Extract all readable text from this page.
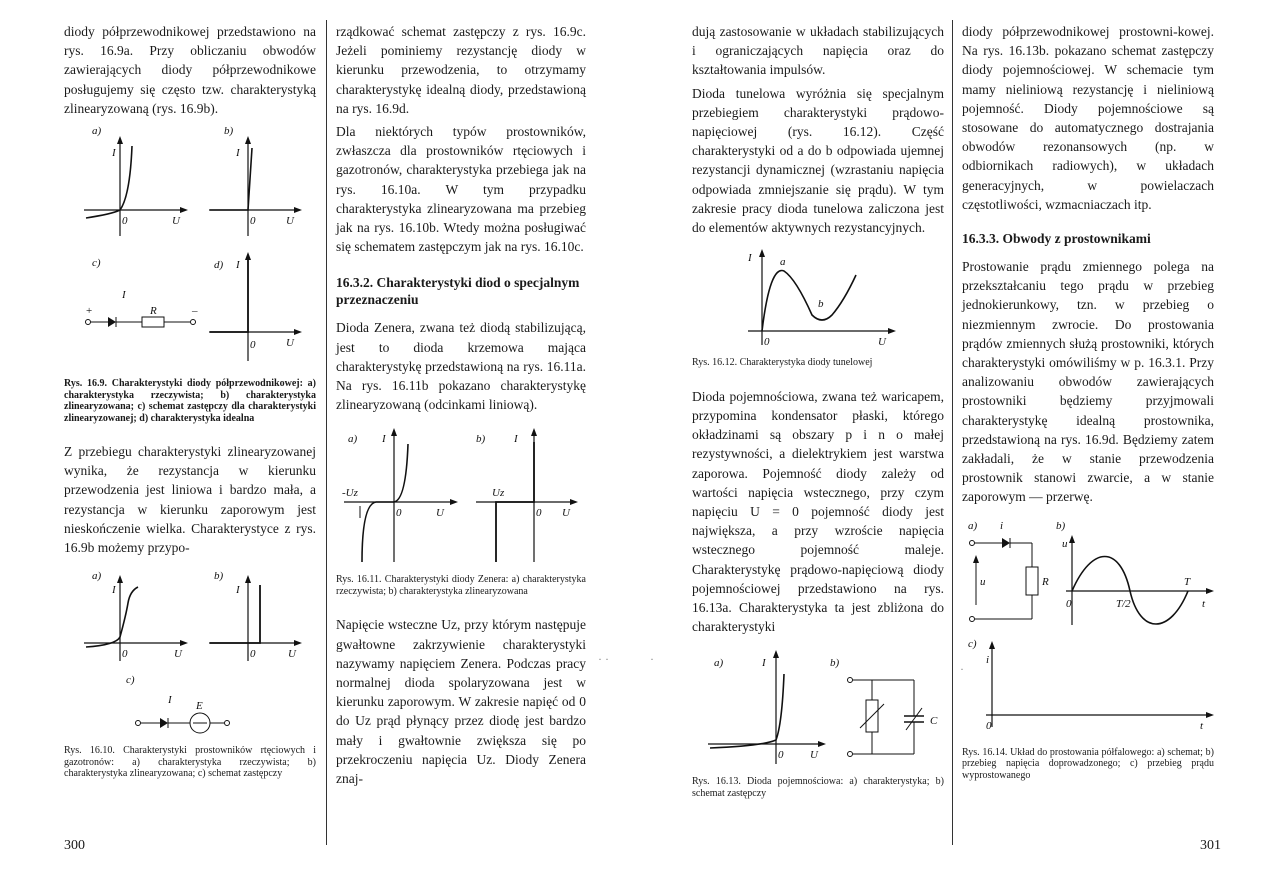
diody półprzewodnikowej przedstawiono na rys. 16.9a. Przy obliczaniu obwodów zawierających diody półprzewodnikowe posługujemy się często tzw. charakterystyką zlinearyzowaną (rys. 16.9b).

a)
I
0	U
b)
I
0	U
c)
I
+	–
R
d) I
0	U

Rys. 16.9. Charakterystyki diody półprzewodnikowej: a) charakterystyka rzeczywista; b) charakterystyka zlinearyzowana; c) schemat zastępczy dla charakterystyki zlinearyzowanej; d) charakterystyka idealna

Z przebiegu charakterystyki zlinearyzowanej wynika, że rezystancja w kierunku przewodzenia jest liniowa i bardzo mała, a rezystancja w kierunku zaporowym jest nieskończenie wielka. Charakterystyce z rys. 16.9b możemy przypo-

a)
I
0	U
b)
I
0	U
c)
I E

Rys. 16.10. Charakterystyki prostowników rtęciowych i gazotronów: a) charakterystyka rzeczywista; b) charakterystyka zlinearyzowana; c) schemat zastępczy

rządkować schemat zastępczy z rys. 16.9c. Jeżeli pominiemy rezystancję diody w kierunku przewodzenia, to otrzymamy charakterystykę idealną diody, przedstawioną na rys. 16.9d.

Dla niektórych typów prostowników, zwłaszcza dla prostowników rtęciowych i gazotronów, charakterystyka przebiega jak na rys. 16.10a. W tym przypadku charakterystyka zlinearyzowana ma przebieg jak na rys. 16.10b. Wtedy można posługiwać się schematem zastępczym jak na rys. 16.10c.

16.3.2. Charakterystyki diod o specjalnym przeznaczeniu

Dioda Zenera, zwana też diodą stabilizującą, jest to dioda krzemowa mająca charakterystykę przedstawioną na rys. 16.11a. Na rys. 16.11b pokazano charakterystykę zlinearyzowaną (odcinkami liniową).

a) I
-Uz
0	U
b)	I
Uz
0 U

Rys. 16.11. Charakterystyki diody Zenera: a) charakterystyka rzeczywista; b) charakterystyka zlinearyzowana

Napięcie wsteczne Uz, przy którym następuje gwałtowne zakrzywienie charakterystyki nazywamy napięciem Zenera. Podczas pracy normalnej dioda spolaryzowana jest w kierunku zaporowym. W zakresie napięć od 0 do Uz prąd płynący przez diodę jest bardzo mały i gwałtownie zwiększa się po przekroczeniu napięcia Uz. Diody Zenera znaj-

dują zastosowanie w układach stabilizujących i ograniczających napięcia oraz do kształtowania impulsów.

Dioda tunelowa wyróżnia się specjalnym przebiegiem charakterystyki prądowo-napięciowej (rys. 16.12). Część charakterystyki od a do b odpowiada ujemnej rezystancji dynamicznej (wzrastaniu napięcia odpowiada zmniejszanie się prądu). W tym zakresie pracy dioda tunelowa zaliczona jest do elementów aktywnych rezystancyjnych.

I	a
b
0	U

Rys. 16.12. Charakterystyka diody tunelowej

Dioda pojemnościowa, zwana też waricapem, przypomina kondensator płaski, którego okładzinami są obszary p i n o małej rezystywności, a dielektrykiem jest warstwa zaporowa. Pojemność diody zależy od wartości napięcia wstecznego, przy czym napięciu U = 0 pojemność diody jest największa, a przy wzroście napięcia wstecznego pojemność maleje. Charakterystykę prądowo-napięciową diody pojemnościowej przedstawiono na rys. 16.13a. Charakterystyka ta jest zbliżona do charakterystyki

a)	I
0 U
b)
C

Rys. 16.13. Dioda pojemnościowa: a) charakterystyka; b) schemat zastępczy

diody półprzewodnikowej prostowni-kowej. Na rys. 16.13b. pokazano schemat zastępczy diody pojemnościowej. W schemacie tym mamy nieliniową rezystancję i nieliniową pojemność. Diody pojemnościowe są stosowane do automatycznego dostrajania obwodów rezonansowych (np. w odbiornikach radiowych), w układach generacyjnych, w powielaczach częstotliwości, wzmacniaczach itp.

16.3.3. Obwody z prostownikami

Prostowanie prądu zmiennego polega na przekształcaniu tego prądu w przebieg jednokierunkowy, tzn. w przebieg o niezmiennym zwrocie. Do prostowania prądów zmiennych służą prostowniki, których charakterystyki omówiliśmy w p. 16.3.1. Przy analizowaniu obwodów zawierających prostowniki będziemy przyjmowali charakterystykę idealną prostownika, przedstawioną na rys. 16.9d. Będziemy zatem zakładali, że w stanie przewodzenia prostownik stanowi zwarcie, a w stanie zaporowym — przerwę.

a) i
u	R
b)
u
0	T/2
T
t
c)
i
0	t

Rys. 16.14. Układ do prostowania półfalowego: a) schemat; b) przebieg napięcia doprowadzonego; c) przebieg prądu wyprostowanego

· ·	·
·
300	301
